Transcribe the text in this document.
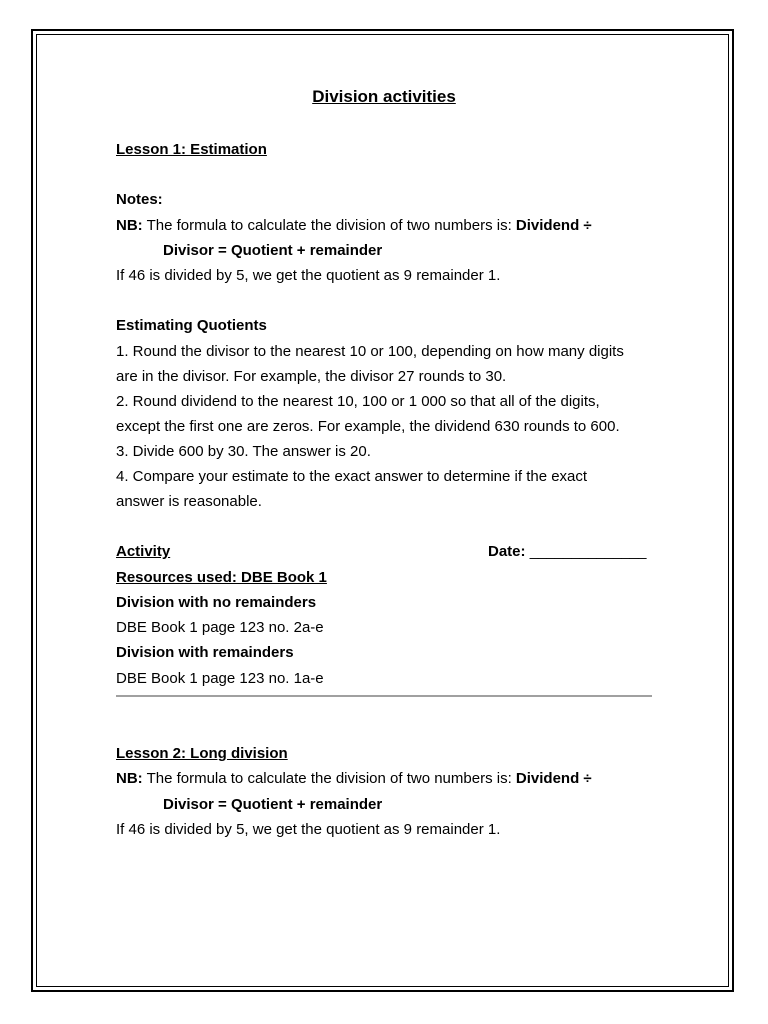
Division activities
Lesson 1: Estimation
Notes:
NB: The formula to calculate the division of two numbers is: Dividend ÷
Divisor = Quotient + remainder
If 46 is divided by 5, we get the quotient as 9 remainder 1.
Estimating Quotients
1. Round the divisor to the nearest 10 or 100, depending on how many digits
are in the divisor. For example, the divisor 27 rounds to 30.
2. Round dividend to the nearest 10, 100 or 1 000 so that all of the digits,
except the first one are zeros. For example, the dividend 630 rounds to 600.
3. Divide 600 by 30. The answer is 20.
4. Compare your estimate to the exact answer to determine if the exact
answer is reasonable.
Activity	Date: ______________
Resources used: DBE Book 1
Division with no remainders
DBE Book 1 page 123 no. 2a-e
Division with remainders
DBE Book 1 page 123 no. 1a-e
Lesson 2: Long division
NB: The formula to calculate the division of two numbers is: Dividend ÷
Divisor = Quotient + remainder
If 46 is divided by 5, we get the quotient as 9 remainder 1.
